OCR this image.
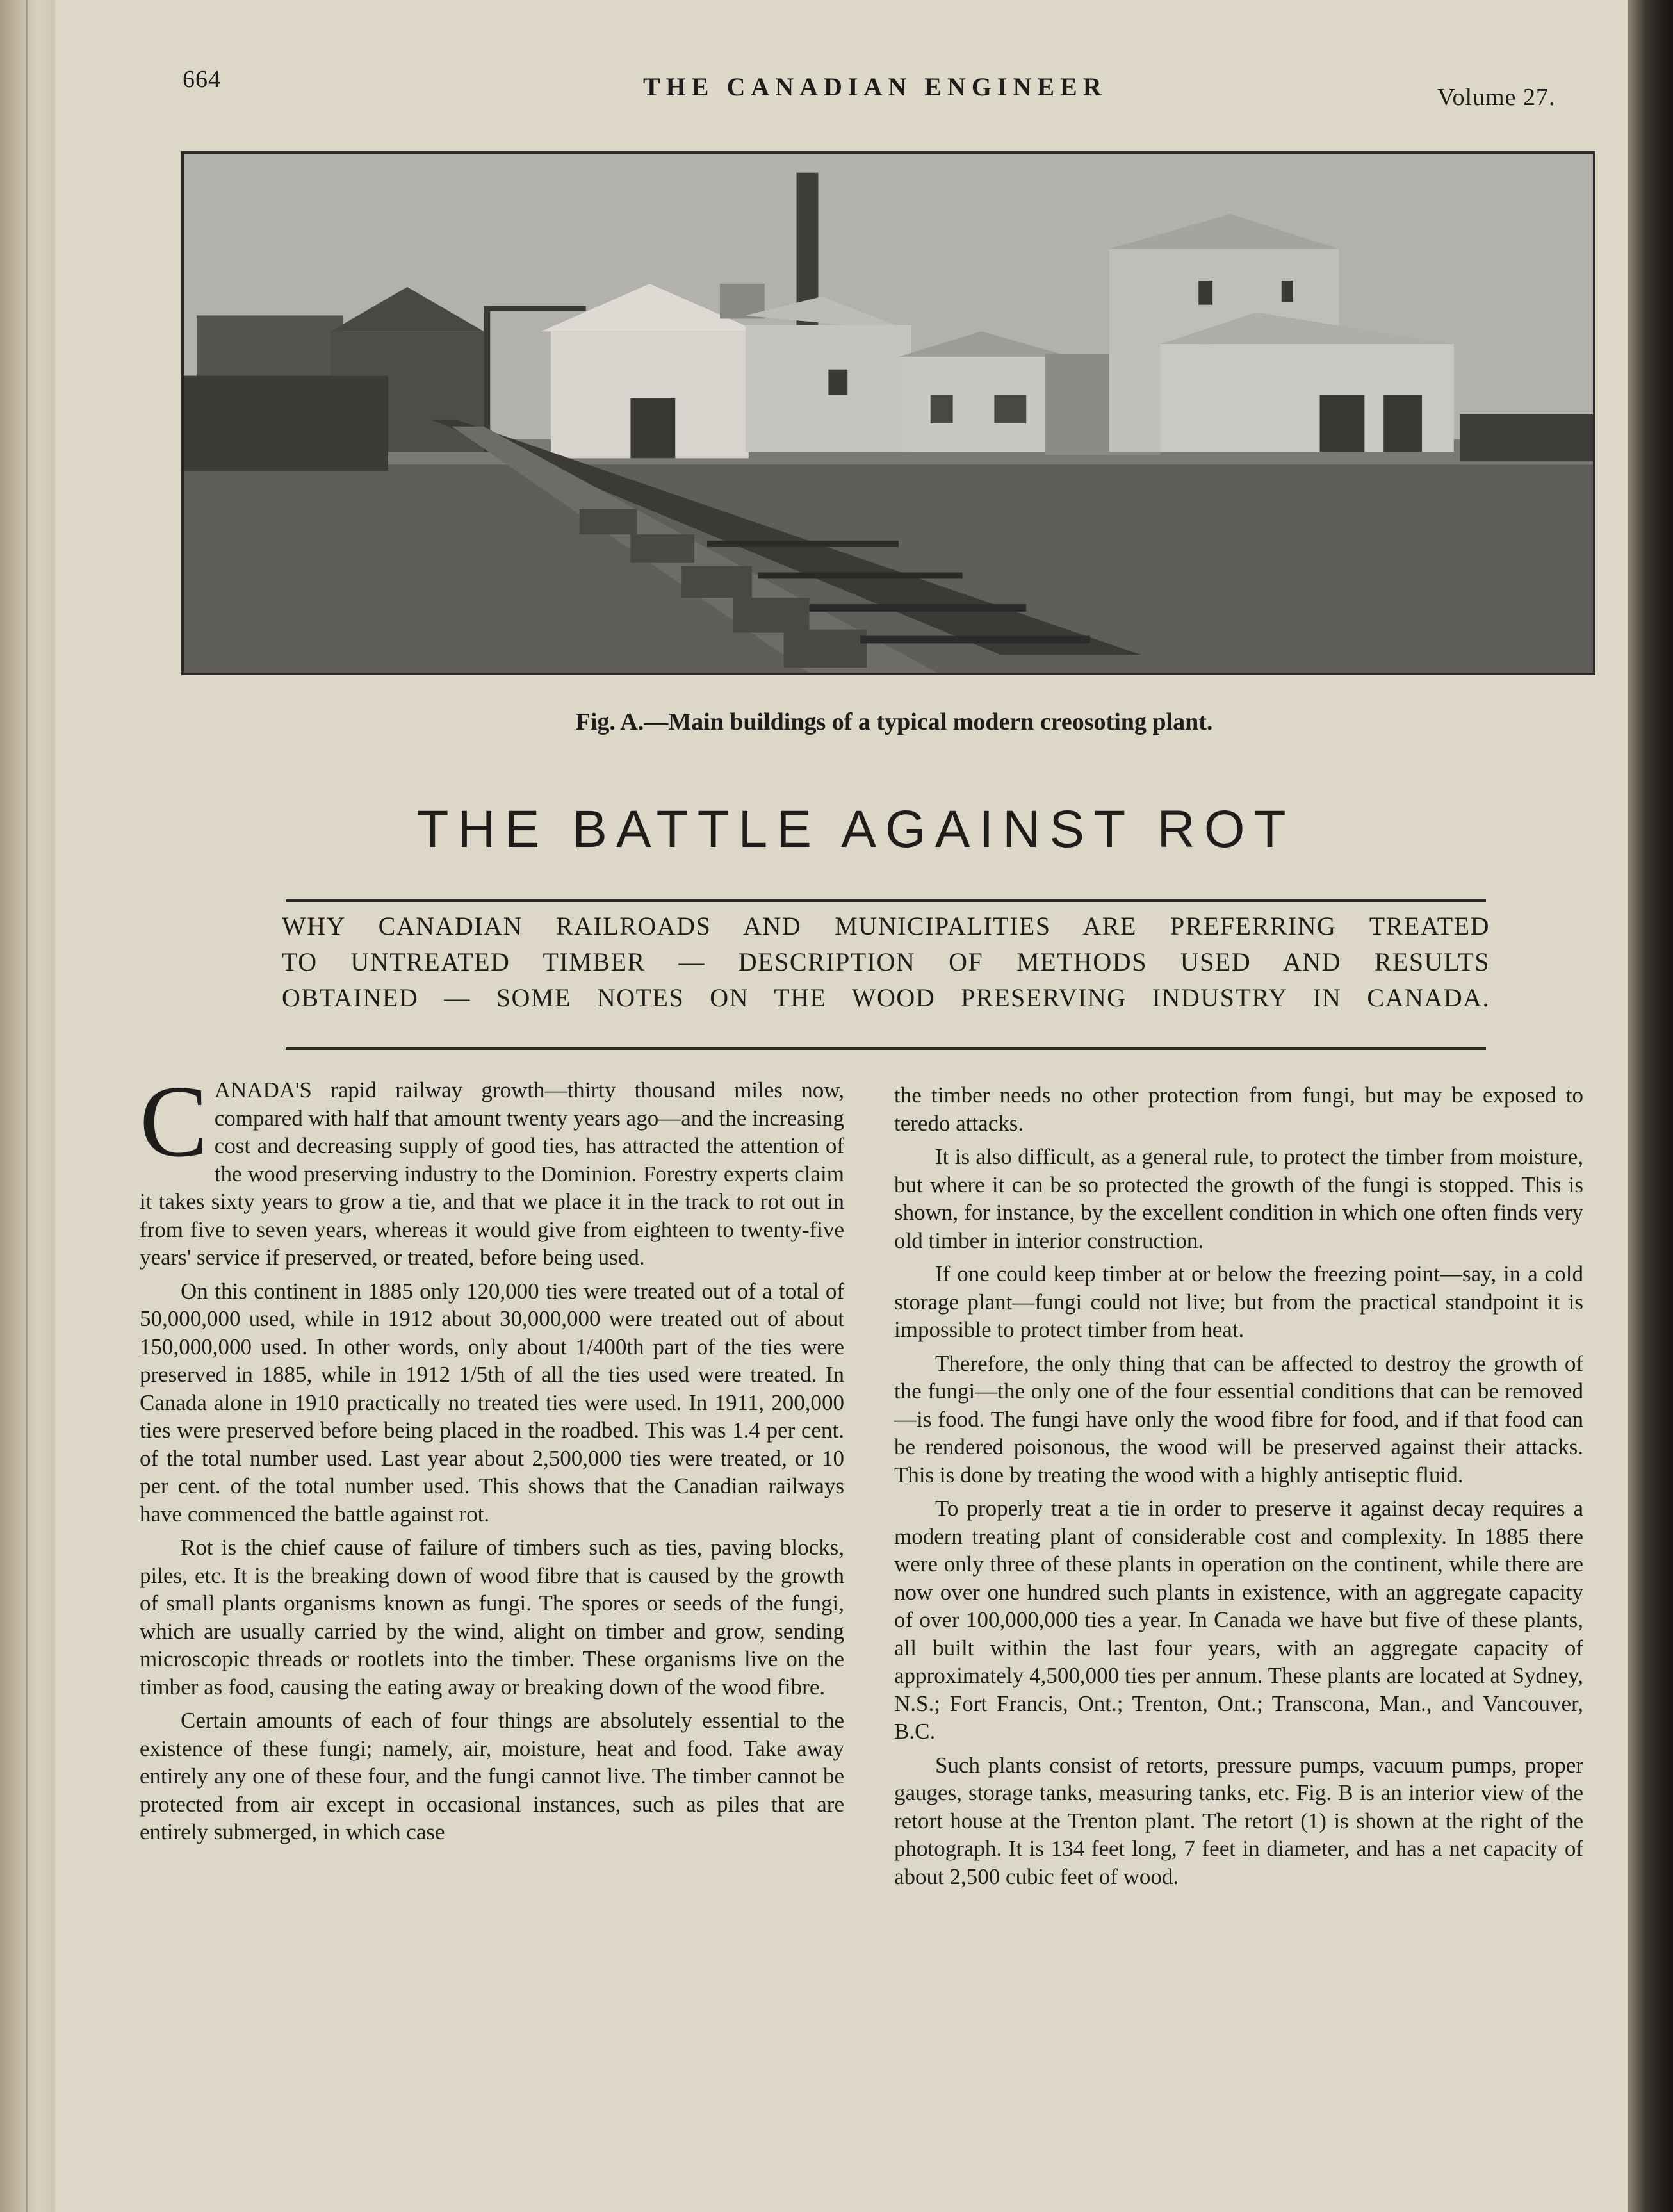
664	THE CANADIAN ENGINEER	Volume 27.
Fig. A.—Main buildings of a typical modern creosoting plant.
THE BATTLE AGAINST ROT
WHY CANADIAN RAILROADS AND MUNICIPALITIES ARE PREFERRING TREATED
TO UNTREATED TIMBER — DESCRIPTION OF METHODS USED AND RESULTS
OBTAINED — SOME NOTES ON THE WOOD PRESERVING INDUSTRY IN CANADA.

CANADA'S rapid railway growth—thirty thousand miles now, compared with half that amount twenty years ago—and the increasing cost and decreasing supply of good ties, has attracted the attention of the wood preserving industry to the Dominion. Forestry experts claim it takes sixty years to grow a tie, and that we place it in the track to rot out in from five to seven years, whereas it would give from eighteen to twenty-five years' service if preserved, or treated, before being used.

On this continent in 1885 only 120,000 ties were treated out of a total of 50,000,000 used, while in 1912 about 30,000,000 were treated out of about 150,000,000 used. In other words, only about 1/400th part of the ties were preserved in 1885, while in 1912 1/5th of all the ties used were treated. In Canada alone in 1910 practically no treated ties were used. In 1911, 200,000 ties were preserved before being placed in the roadbed. This was 1.4 per cent. of the total number used. Last year about 2,500,000 ties were treated, or 10 per cent. of the total number used. This shows that the Canadian railways have commenced the battle against rot.

Rot is the chief cause of failure of timbers such as ties, paving blocks, piles, etc. It is the breaking down of wood fibre that is caused by the growth of small plants organisms known as fungi. The spores or seeds of the fungi, which are usually carried by the wind, alight on timber and grow, sending microscopic threads or rootlets into the timber. These organisms live on the timber as food, causing the eating away or breaking down of the wood fibre.

Certain amounts of each of four things are absolutely essential to the existence of these fungi; namely, air, moisture, heat and food. Take away entirely any one of these four, and the fungi cannot live. The timber cannot be protected from air except in occasional instances, such as piles that are entirely submerged, in which case

the timber needs no other protection from fungi, but may be exposed to teredo attacks.

It is also difficult, as a general rule, to protect the timber from moisture, but where it can be so protected the growth of the fungi is stopped. This is shown, for instance, by the excellent condition in which one often finds very old timber in interior construction.

If one could keep timber at or below the freezing point—say, in a cold storage plant—fungi could not live; but from the practical standpoint it is impossible to protect timber from heat.

Therefore, the only thing that can be affected to destroy the growth of the fungi—the only one of the four essential conditions that can be removed—is food. The fungi have only the wood fibre for food, and if that food can be rendered poisonous, the wood will be preserved against their attacks. This is done by treating the wood with a highly antiseptic fluid.

To properly treat a tie in order to preserve it against decay requires a modern treating plant of considerable cost and complexity. In 1885 there were only three of these plants in operation on the continent, while there are now over one hundred such plants in existence, with an aggregate capacity of over 100,000,000 ties a year. In Canada we have but five of these plants, all built within the last four years, with an aggregate capacity of approximately 4,500,000 ties per annum. These plants are located at Sydney, N.S.; Fort Francis, Ont.; Trenton, Ont.; Transcona, Man., and Vancouver, B.C.

Such plants consist of retorts, pressure pumps, vacuum pumps, proper gauges, storage tanks, measuring tanks, etc. Fig. B is an interior view of the retort house at the Trenton plant. The retort (1) is shown at the right of the photograph. It is 134 feet long, 7 feet in diameter, and has a net capacity of about 2,500 cubic feet of wood.
